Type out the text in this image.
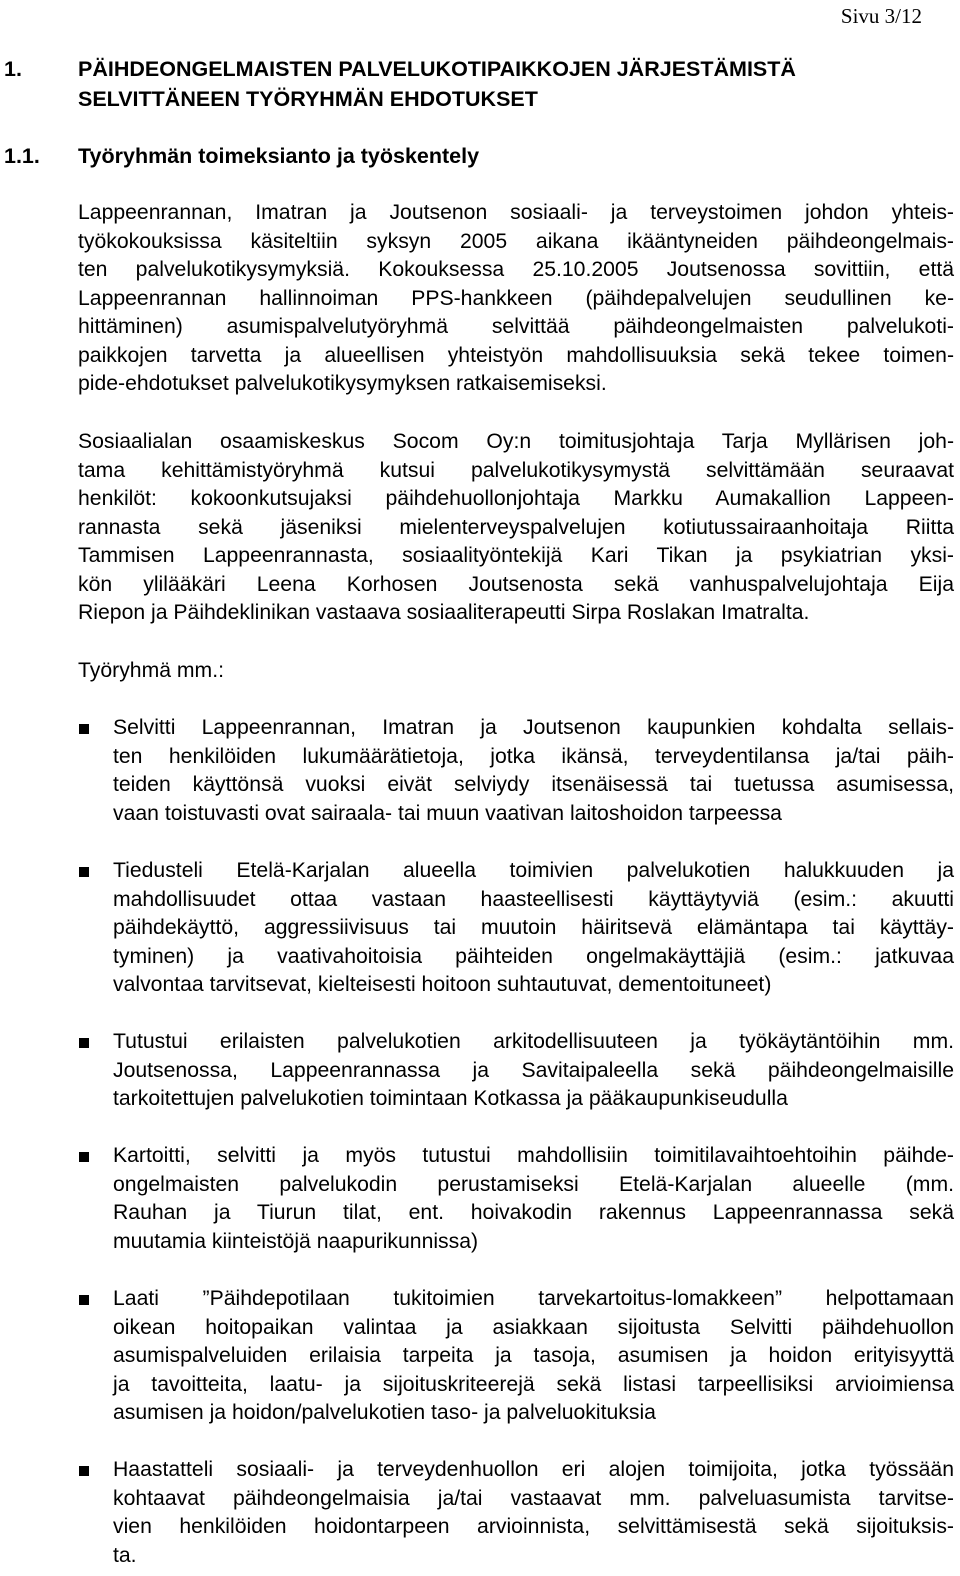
Sivu 3/12
1.	PÄIHDEONGELMAISTEN PALVELUKOTIPAIKKOJEN JÄRJESTÄMISTÄ
SELVITTÄNEEN TYÖRYHMÄN EHDOTUKSET
1.1.	Työryhmän toimeksianto ja työskentely

Lappeenrannan, Imatran ja Joutsenon sosiaali- ja terveystoimen johdon yhteis-
työkokouksissa käsiteltiin syksyn 2005 aikana ikääntyneiden päihdeongelmais-
ten palvelukotikysymyksiä. Kokouksessa 25.10.2005 Joutsenossa sovittiin, että
Lappeenrannan hallinnoiman PPS-hankkeen (päihdepalvelujen seudullinen ke-
hittäminen) asumispalvelutyöryhmä selvittää päihdeongelmaisten palvelukoti-
paikkojen tarvetta ja alueellisen yhteistyön mahdollisuuksia sekä tekee toimen-
pide-ehdotukset palvelukotikysymyksen ratkaisemiseksi.

Sosiaalialan osaamiskeskus Socom Oy:n toimitusjohtaja Tarja Myllärisen joh-
tama kehittämistyöryhmä kutsui palvelukotikysymystä selvittämään seuraavat
henkilöt: kokoonkutsujaksi päihdehuollonjohtaja Markku Aumakallion Lappeen-
rannasta sekä jäseniksi mielenterveyspalvelujen kotiutussairaanhoitaja Riitta
Tammisen Lappeenrannasta, sosiaalityöntekijä Kari Tikan ja psykiatrian yksi-
kön ylilääkäri Leena Korhosen Joutsenosta sekä vanhuspalvelujohtaja Eija
Riepon ja Päihdeklinikan vastaava sosiaaliterapeutti Sirpa Roslakan Imatralta.

Työryhmä mm.:
Selvitti Lappeenrannan, Imatran ja Joutsenon kaupunkien kohdalta sellais-
ten henkilöiden lukumäärätietoja, jotka ikänsä, terveydentilansa ja/tai päih-
teiden käyttönsä vuoksi eivät selviydy itsenäisessä tai tuetussa asumisessa,
vaan toistuvasti ovat sairaala- tai muun vaativan laitoshoidon tarpeessa
Tiedusteli Etelä-Karjalan alueella toimivien palvelukotien halukkuuden ja
mahdollisuudet ottaa vastaan haasteellisesti käyttäytyviä (esim.: akuutti
päihdekäyttö, aggressiivisuus tai muutoin häiritsevä elämäntapa tai käyttäy-
tyminen) ja vaativahoitoisia päihteiden ongelmakäyttäjiä (esim.: jatkuvaa
valvontaa tarvitsevat, kielteisesti hoitoon suhtautuvat, dementoituneet)
Tutustui erilaisten palvelukotien arkitodellisuuteen ja työkäytäntöihin mm.
Joutsenossa, Lappeenrannassa ja Savitaipaleella sekä päihdeongelmaisille
tarkoitettujen palvelukotien toimintaan Kotkassa ja pääkaupunkiseudulla
Kartoitti, selvitti ja myös tutustui mahdollisiin toimitilavaihtoehtoihin päihde-
ongelmaisten palvelukodin perustamiseksi Etelä-Karjalan alueelle (mm.
Rauhan ja Tiurun tilat, ent. hoivakodin rakennus Lappeenrannassa sekä
muutamia kiinteistöjä naapurikunnissa)
Laati ”Päihdepotilaan tukitoimien tarvekartoitus-lomakkeen” helpottamaan
oikean hoitopaikan valintaa ja asiakkaan sijoitusta Selvitti päihdehuollon
asumispalveluiden erilaisia tarpeita ja tasoja, asumisen ja hoidon erityisyyttä
ja tavoitteita, laatu- ja sijoituskriteerejä sekä listasi tarpeellisiksi arvioimiensa
asumisen ja hoidon/palvelukotien taso- ja palveluokituksia
Haastatteli sosiaali- ja terveydenhuollon eri alojen toimijoita, jotka työssään
kohtaavat päihdeongelmaisia ja/tai vastaavat mm. palveluasumista tarvitse-
vien henkilöiden hoidontarpeen arvioinnista, selvittämisestä sekä sijoituksis-
ta.
